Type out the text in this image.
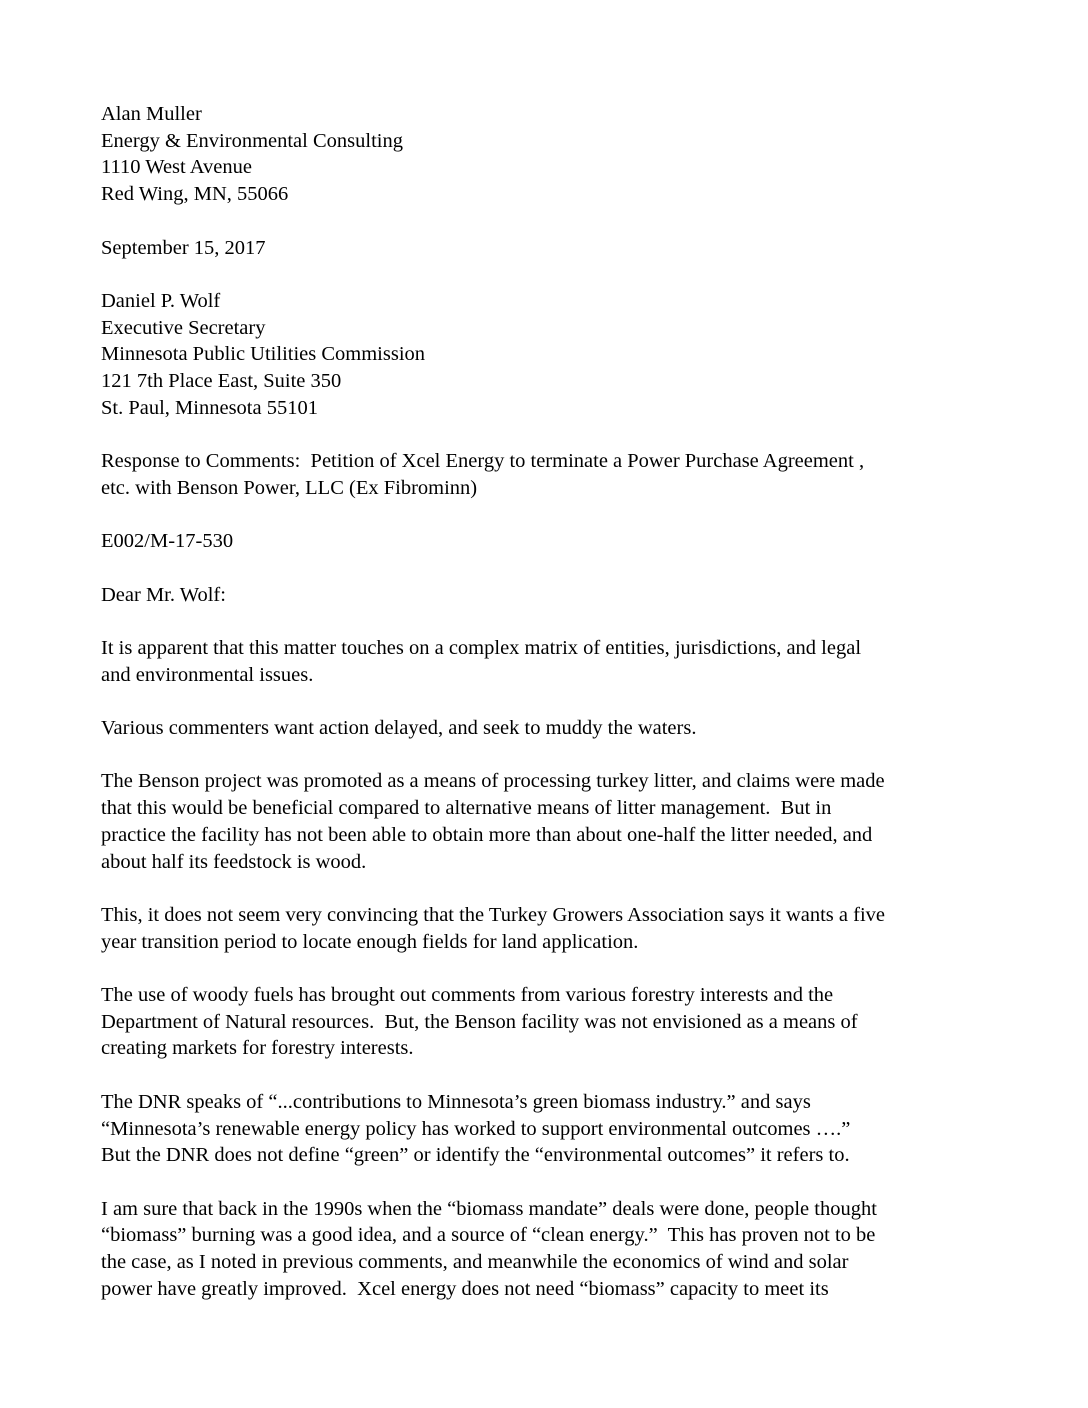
Alan Muller
Energy & Environmental Consulting
1110 West Avenue
Red Wing, MN, 55066
September 15, 2017
Daniel P. Wolf
Executive Secretary
Minnesota Public Utilities Commission
121 7th Place East, Suite 350
St. Paul, Minnesota 55101
Response to Comments:  Petition of Xcel Energy to terminate a Power Purchase Agreement ,
etc. with Benson Power, LLC (Ex Fibrominn)
E002/M-17-530
Dear Mr. Wolf:
It is apparent that this matter touches on a complex matrix of entities, jurisdictions, and legal
and environmental issues.
Various commenters want action delayed, and seek to muddy the waters.
The Benson project was promoted as a means of processing turkey litter, and claims were made
that this would be beneficial compared to alternative means of litter management.  But in
practice the facility has not been able to obtain more than about one-half the litter needed, and
about half its feedstock is wood.
This, it does not seem very convincing that the Turkey Growers Association says it wants a five
year transition period to locate enough fields for land application.
The use of woody fuels has brought out comments from various forestry interests and the
Department of Natural resources.  But, the Benson facility was not envisioned as a means of
creating markets for forestry interests.
The DNR speaks of “...contributions to Minnesota’s green biomass industry.” and says
“Minnesota’s renewable energy policy has worked to support environmental outcomes ….”
But the DNR does not define “green” or identify the “environmental outcomes” it refers to.
I am sure that back in the 1990s when the “biomass mandate” deals were done, people thought
“biomass” burning was a good idea, and a source of “clean energy.”  This has proven not to be
the case, as I noted in previous comments, and meanwhile the economics of wind and solar
power have greatly improved.  Xcel energy does not need “biomass” capacity to meet its
